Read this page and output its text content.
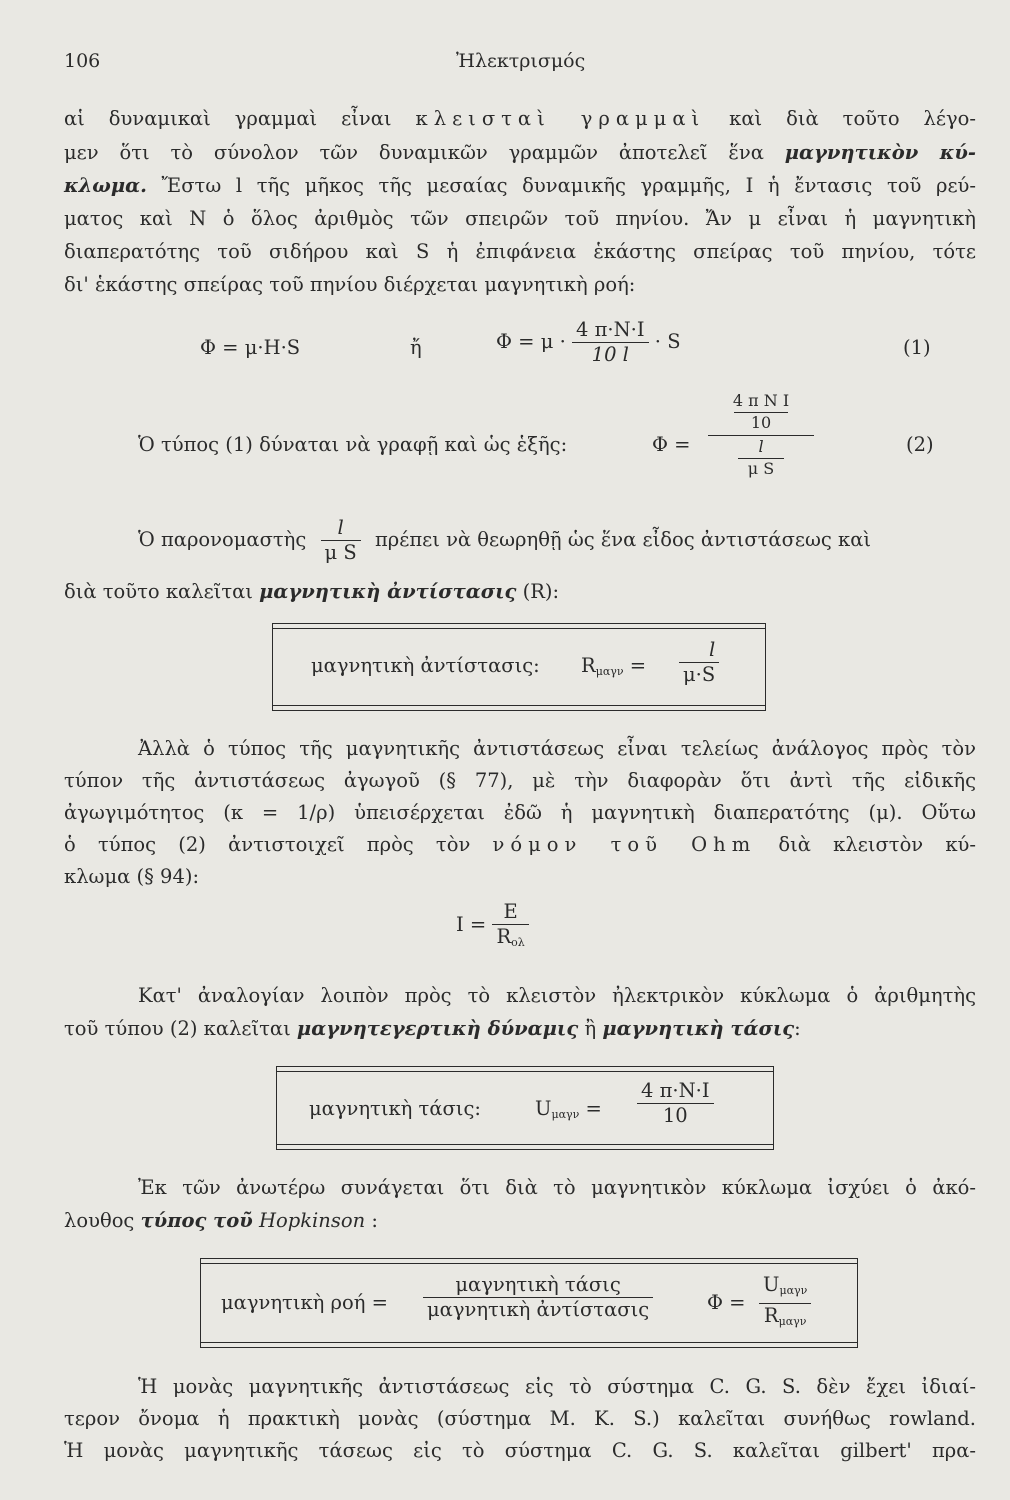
106	Ἠλεκτρισμός
αἱ δυναμικαὶ γραμμαὶ εἶναι κλεισταὶ γραμμαὶ καὶ διὰ τοῦτο λέγο-
μεν ὅτι τὸ σύνολον τῶν δυναμικῶν γραμμῶν ἀποτελεῖ ἕνα μαγνητικὸν κύ-
κλωμα. Ἔστω l τῆς μῆκος τῆς μεσαίας δυναμικῆς γραμμῆς, I ἡ ἔντασις τοῦ ρεύ-
ματος καὶ N ὁ ὅλος ἀριθμὸς τῶν σπειρῶν τοῦ πηνίου. Ἄν μ εἶναι ἡ μαγνητικὴ
διαπερατότης τοῦ σιδήρου καὶ S ἡ ἐπιφάνεια ἑκάστης σπείρας τοῦ πηνίου, τότε
δι' ἑκάστης σπείρας τοῦ πηνίου διέρχεται μαγνητικὴ ροή:
Φ = μ·H·S	ἤ	$\Phi = \mu \cdot \frac{4 \pi\cdot N\cdot I}{10 l} \cdot S$	(1)
Ὁ τύπος (1) δύναται νὰ γραφῇ καὶ ὡς ἑξῆς:	Φ =
4 π N I
10
l
μ S
(2)
Ὁ παρονομαστὴς $\frac{l}{\text{μ S}}$ πρέπει νὰ θεωρηθῇ ὡς ἕνα εἶδος ἀντιστάσεως καὶ
διὰ τοῦτο καλεῖται μαγνητικὴ ἀντίστασις (R):
μαγνητικὴ ἀντίστασις: $R_{\mu\alpha\gamma\nu} = \frac{l}{\mu\cdot S}$
Ἀλλὰ ὁ τύπος τῆς μαγνητικῆς ἀντιστάσεως εἶναι τελείως ἀνάλογος πρὸς τὸν
τύπον τῆς ἀντιστάσεως ἀγωγοῦ (§ 77), μὲ τὴν διαφορὰν ὅτι ἀντὶ τῆς εἰδικῆς
ἀγωγιμότητος (κ = 1/ρ) ὑπεισέρχεται ἐδῶ ἡ μαγνητικὴ διαπερατότης (μ). Οὕτω
ὁ τύπος (2) ἀντιστοιχεῖ πρὸς τὸν νόμον τοῦ Ohm διὰ κλειστὸν κύ-
κλωμα (§ 94):
$I = \frac{E}{R_{o\lambda}}$
Κατ' ἀναλογίαν λοιπὸν πρὸς τὸ κλειστὸν ἠλεκτρικὸν κύκλωμα ὁ ἀριθμητὴς
τοῦ τύπου (2) καλεῖται μαγνητεγερτικὴ δύναμις ἢ μαγνητικὴ τάσις:
μαγνητικὴ τάσις:	$U_{\mu\alpha\gamma\nu} = \frac{4 \pi\cdot N\cdot I}{10}$
Ἐκ τῶν ἀνωτέρω συνάγεται ὅτι διὰ τὸ μαγνητικὸν κύκλωμα ἰσχύει ὁ ἀκό-
λουθος τύπος τοῦ Hopkinson :
μαγνητικὴ $\rho oή = \frac{\text{μαγνητικὴ τάσις}}{\text{μαγνητικὴ ἀντίστασις}}$	$\Phi = \frac{U_{\mu\alpha\gamma\nu}}{R_{\mu\alpha\gamma\nu}}$
Ἡ μονὰς μαγνητικῆς ἀντιστάσεως εἰς τὸ σύστημα C. G. S. δὲν ἔχει ἰδιαί-
τερον ὄνομα ἡ πρακτικὴ μονὰς (σύστημα M. K. S.) καλεῖται συνήθως rowland.
Ἡ μονὰς μαγνητικῆς τάσεως εἰς τὸ σύστημα C. G. S. καλεῖται gilbert' πρα-
